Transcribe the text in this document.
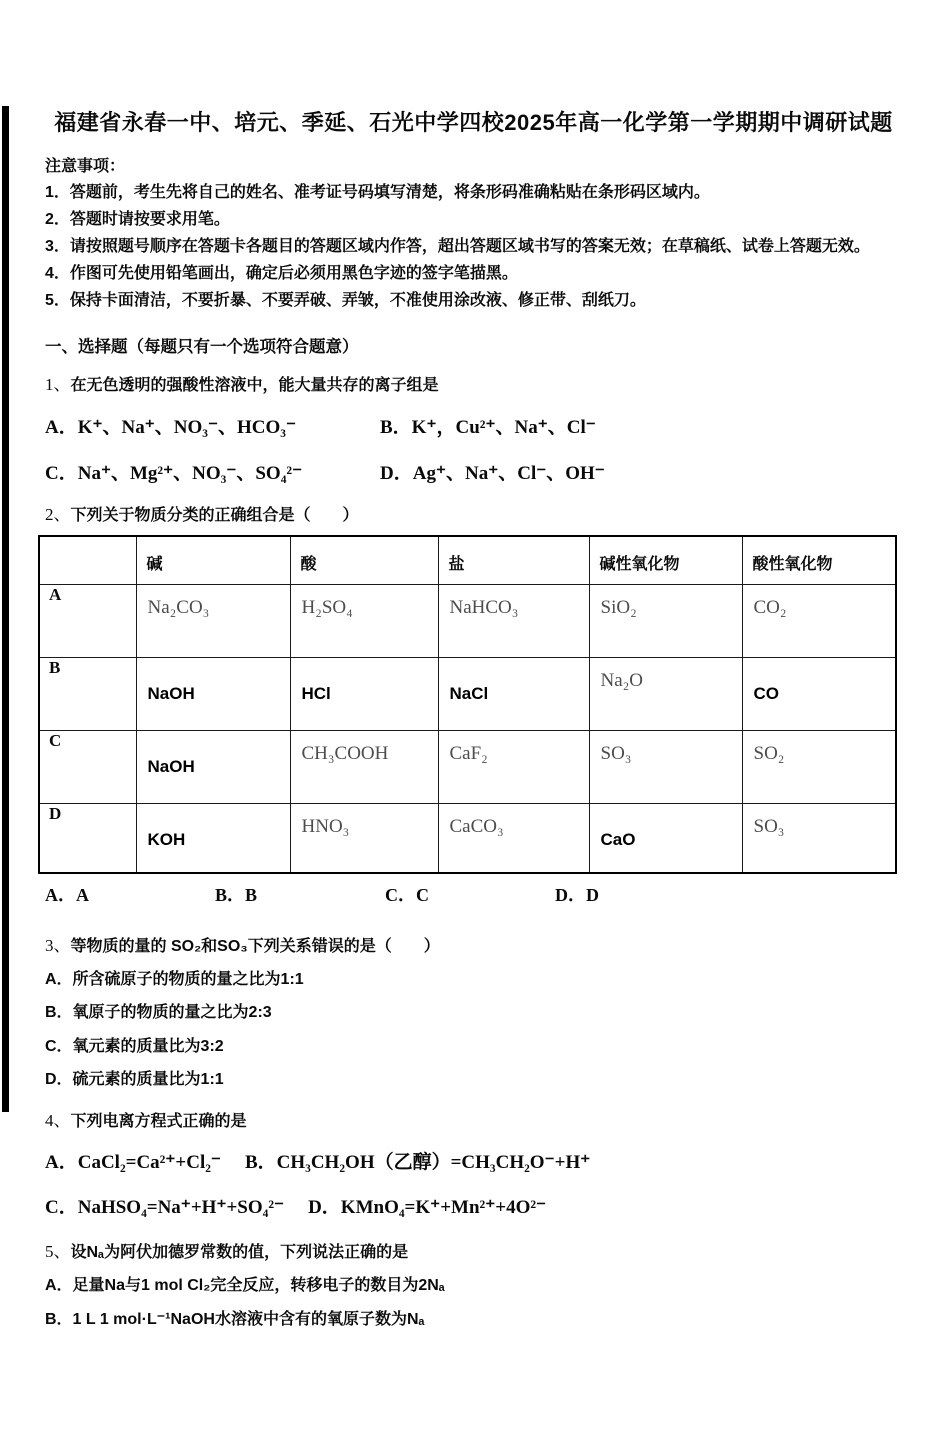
福建省永春一中、培元、季延、石光中学四校2025年高一化学第一学期期中调研试题
注意事项：
1．答题前，考生先将自己的姓名、准考证号码填写清楚，将条形码准确粘贴在条形码区域内。
2．答题时请按要求用笔。
3．请按照题号顺序在答题卡各题目的答题区域内作答，超出答题区域书写的答案无效；在草稿纸、试卷上答题无效。
4．作图可先使用铅笔画出，确定后必须用黑色字迹的签字笔描黑。
5．保持卡面清洁，不要折暴、不要弄破、弄皱，不准使用涂改液、修正带、刮纸刀。
一、选择题（每题只有一个选项符合题意）
1、在无色透明的强酸性溶液中，能大量共存的离子组是
A．K⁺、Na⁺、NO₃⁻、HCO₃⁻	B．K⁺，Cu²⁺、Na⁺、Cl⁻
C．Na⁺、Mg²⁺、NO₃⁻、SO₄²⁻	D．Ag⁺、Na⁺、Cl⁻、OH⁻
2、下列关于物质分类的正确组合是（　　）
	碱	酸	盐	碱性氧化物	酸性氧化物
A	Na₂CO₃	H₂SO₄	NaHCO₃	SiO₂	CO₂

B	NaOH	HCl	NaCl	Na₂O	CO

C	NaOH	CH₃COOH	CaF₂	SO₃	SO₂

D	KOH	HNO₃	CaCO₃	CaO	SO₃
A．A	B．B	C．C	D．D
3、等物质的量的 SO₂和SO₃下列关系错误的是（　　）
A．所含硫原子的物质的量之比为1:1
B．氧原子的物质的量之比为2:3
C．氧元素的质量比为3:2
D．硫元素的质量比为1:1
4、下列电离方程式正确的是
A．CaCl₂=Ca²⁺+Cl₂⁻ B．CH₃CH₂OH（乙醇）=CH₃CH₂O⁻+H⁺
C．NaHSO₄=Na⁺+H⁺+SO₄²⁻ D．KMnO₄=K⁺+Mn²⁺+4O²⁻
5、设Nₐ为阿伏加德罗常数的值，下列说法正确的是
A．足量Na与1 mol Cl₂完全反应，转移电子的数目为2Nₐ
B．1 L 1 mol·L⁻¹NaOH水溶液中含有的氧原子数为Nₐ
